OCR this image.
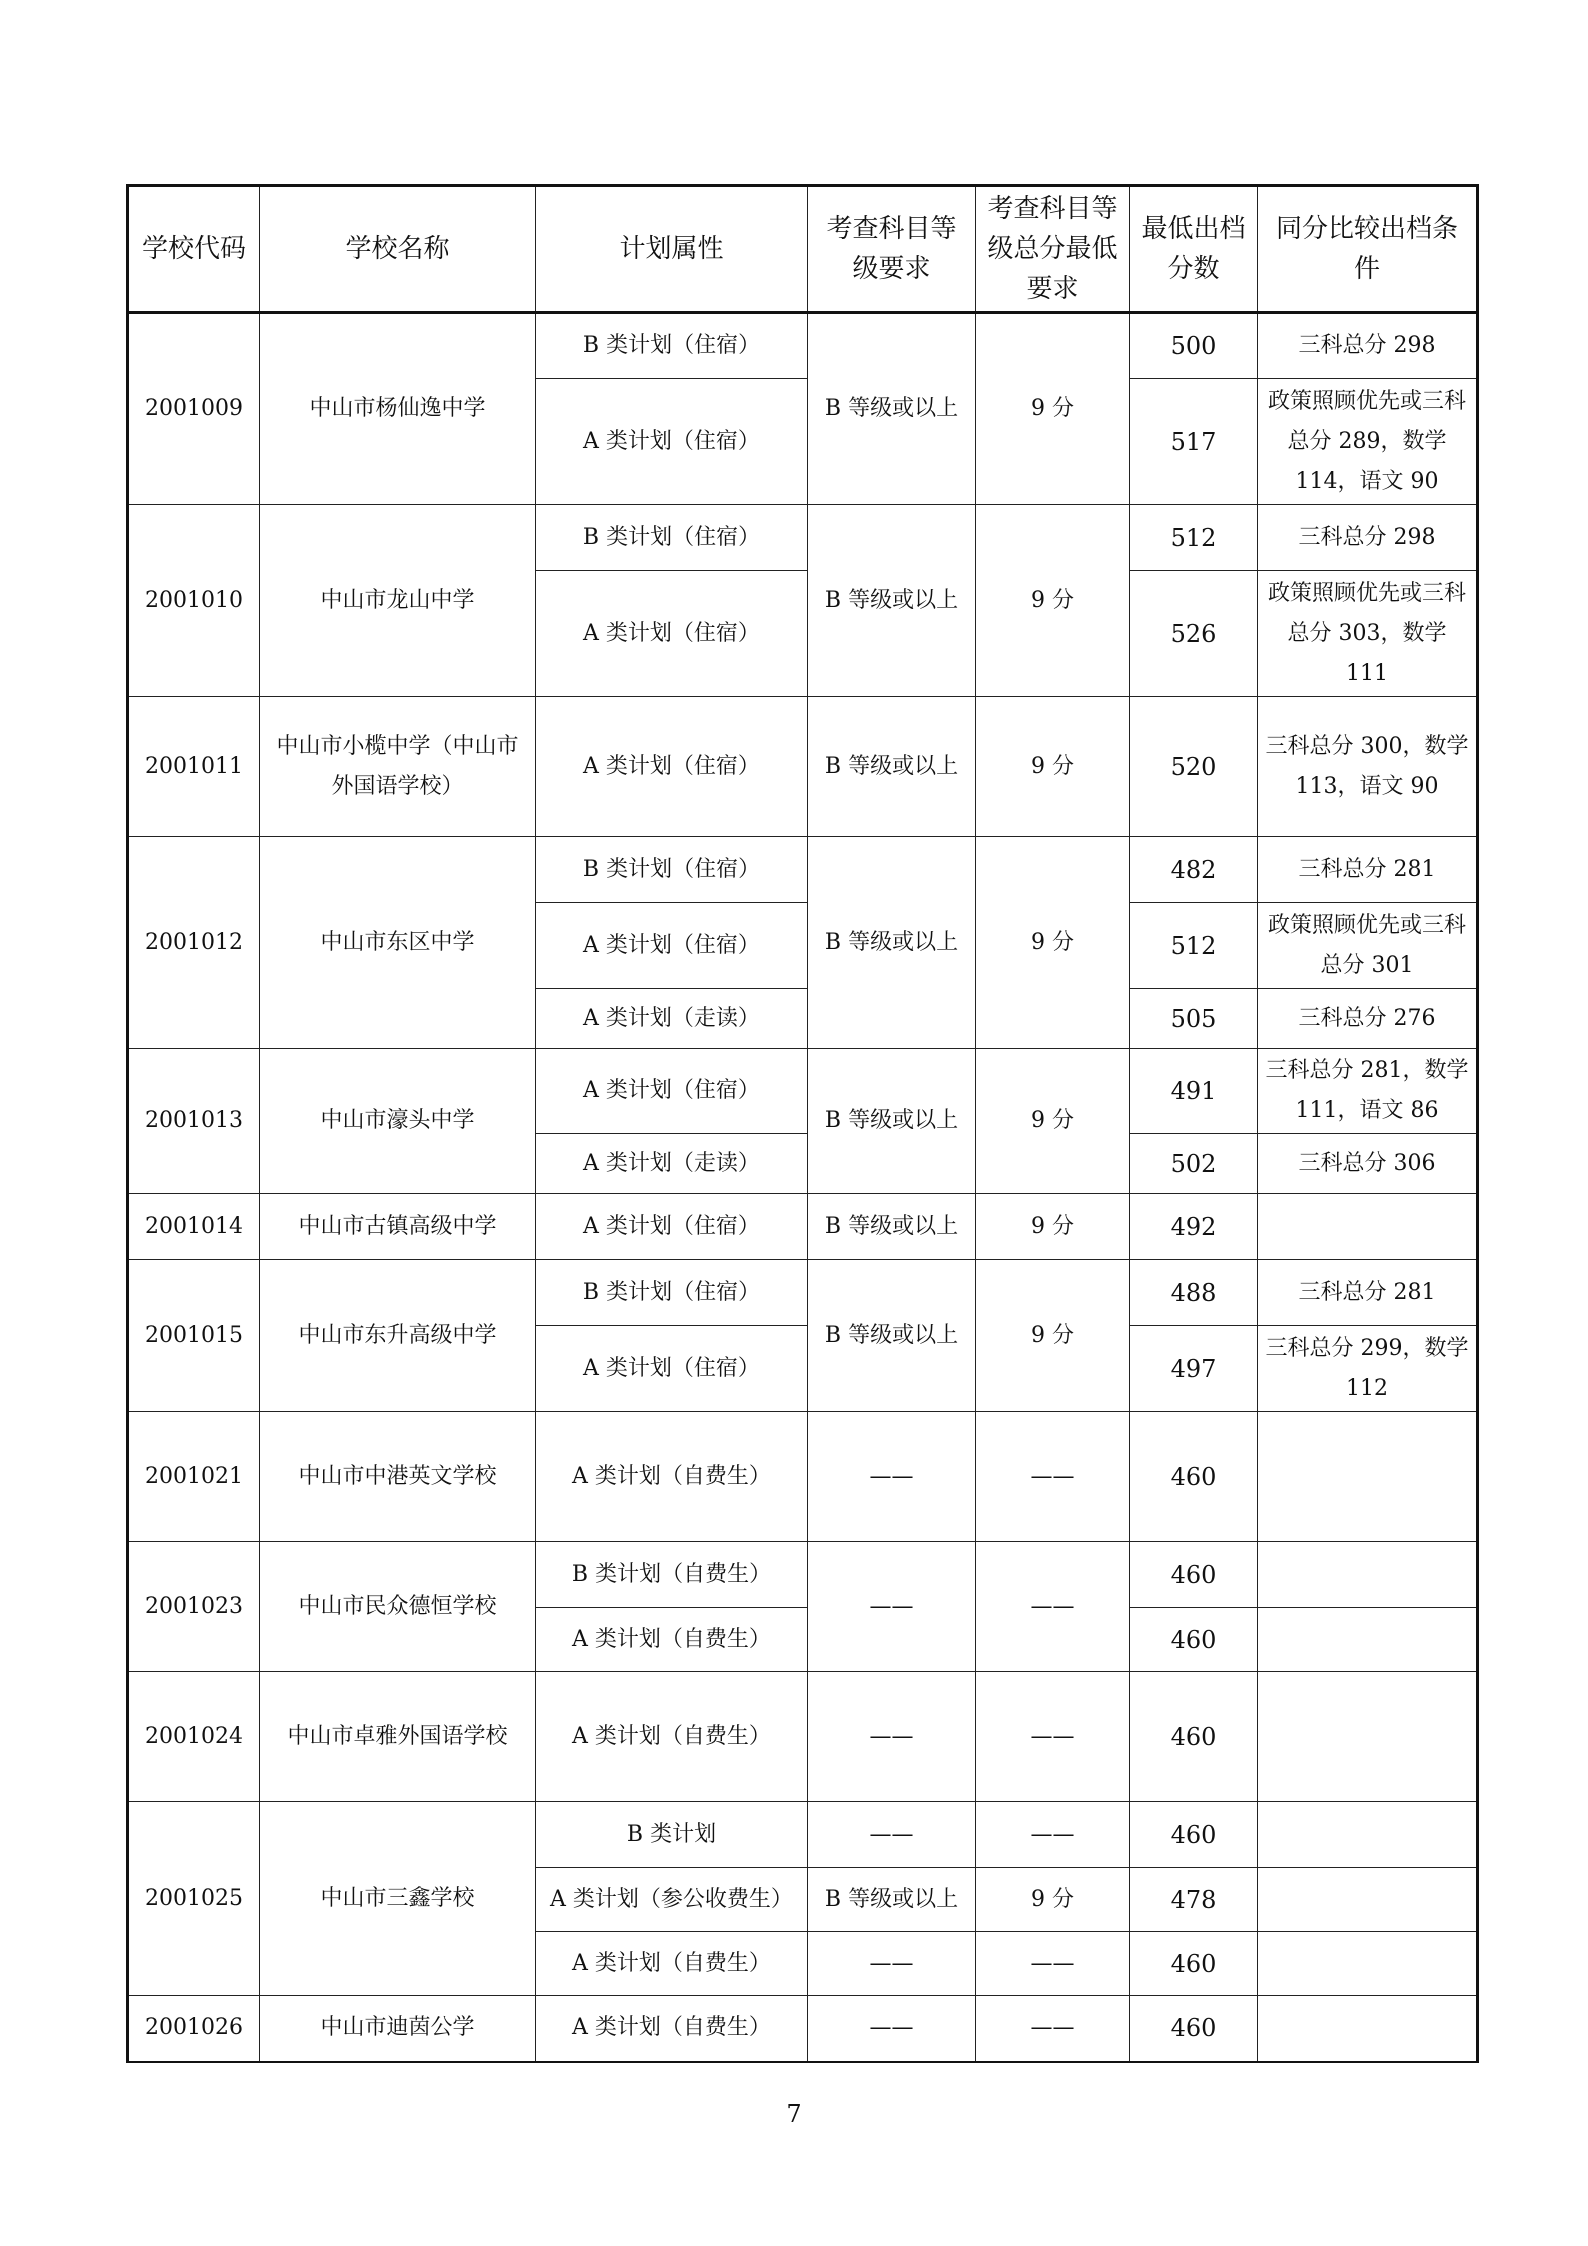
学校代码	学校名称	计划属性	考查科目等级要求	考查科目等级总分最低要求	最低出档分数	同分比较出档条件
2001009	中山市杨仙逸中学	B 类计划（住宿）	B 等级或以上	9 分	500	三科总分 298
		A 类计划（住宿）			517	政策照顾优先或三科总分 289，数学 114，语文 90
2001010	中山市龙山中学	B 类计划（住宿）	B 等级或以上	9 分	512	三科总分 298
		A 类计划（住宿）			526	政策照顾优先或三科总分 303，数学 111
2001011	中山市小榄中学（中山市外国语学校）	A 类计划（住宿）	B 等级或以上	9 分	520	三科总分 300，数学 113，语文 90
2001012	中山市东区中学	B 类计划（住宿）	B 等级或以上	9 分	482	三科总分 281
		A 类计划（住宿）			512	政策照顾优先或三科总分 301
		A 类计划（走读）			505	三科总分 276
2001013	中山市濠头中学	A 类计划（住宿）	B 等级或以上	9 分	491	三科总分 281，数学 111，语文 86
		A 类计划（走读）			502	三科总分 306
2001014	中山市古镇高级中学	A 类计划（住宿）	B 等级或以上	9 分	492	
2001015	中山市东升高级中学	B 类计划（住宿）	B 等级或以上	9 分	488	三科总分 281
		A 类计划（住宿）			497	三科总分 299，数学 112
2001021	中山市中港英文学校	A 类计划（自费生）	——	——	460	
2001023	中山市民众德恒学校	B 类计划（自费生）	——	——	460	
		A 类计划（自费生）			460	
2001024	中山市卓雅外国语学校	A 类计划（自费生）	——	——	460	
2001025	中山市三鑫学校	B 类计划	——	——	460	
		A 类计划（参公收费生）	B 等级或以上	9 分	478	
		A 类计划（自费生）	——	——	460	
2001026	中山市迪茵公学	A 类计划（自费生）	——	——	460	
7
